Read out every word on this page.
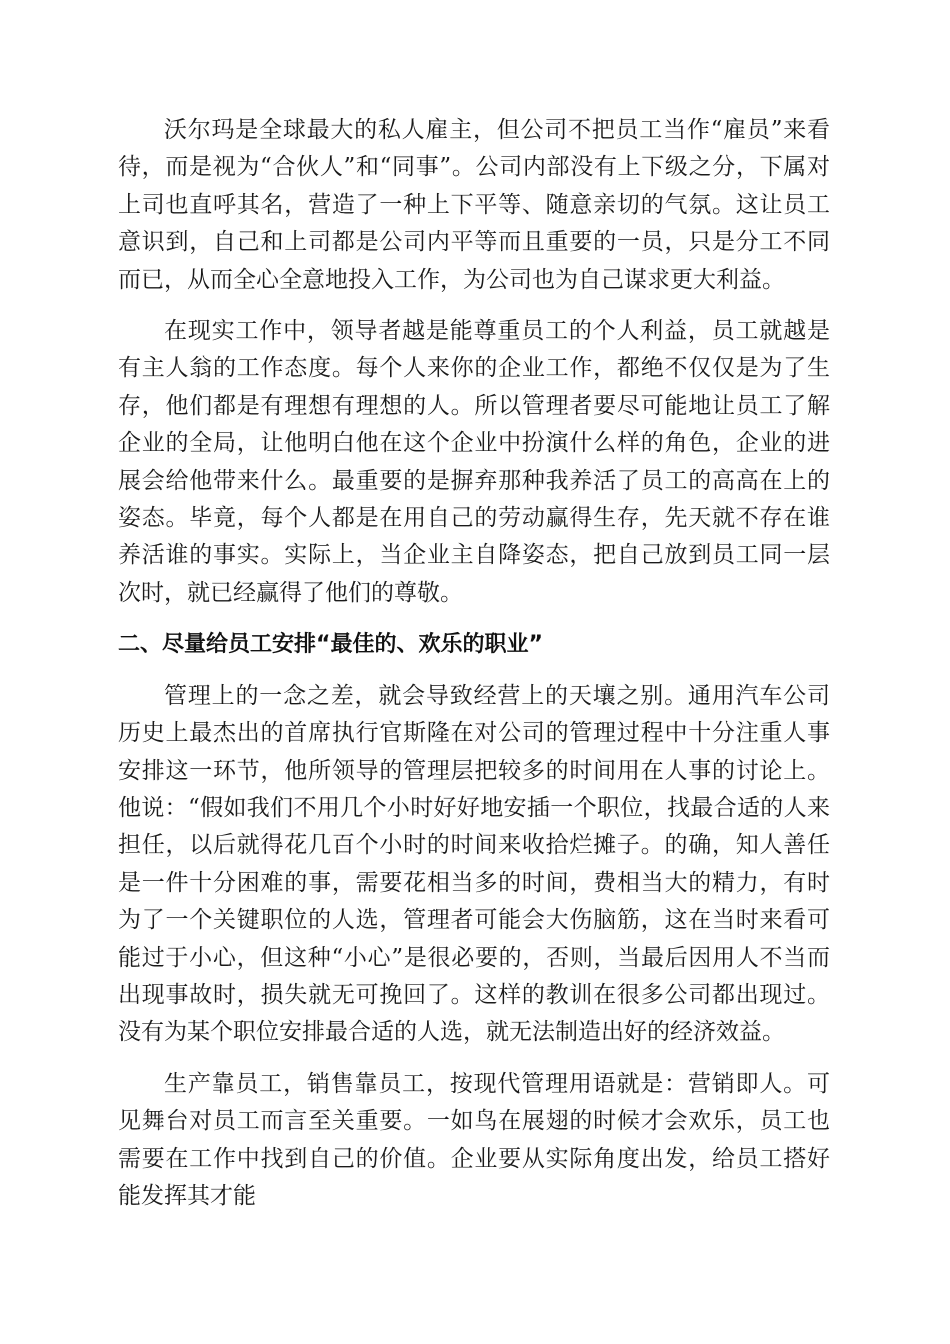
沃尔玛是全球最大的私人雇主，但公司不把员工当作“雇员”来看待，而是视为“合伙人”和“同事”。公司内部没有上下级之分，下属对上司也直呼其名，营造了一种上下平等、随意亲切的气氛。这让员工意识到，自己和上司都是公司内平等而且重要的一员，只是分工不同而已，从而全心全意地投入工作，为公司也为自己谋求更大利益。

在现实工作中，领导者越是能尊重员工的个人利益，员工就越是有主人翁的工作态度。每个人来你的企业工作，都绝不仅仅是为了生存，他们都是有理想有理想的人。所以管理者要尽可能地让员工了解企业的全局，让他明白他在这个企业中扮演什么样的角色，企业的进展会给他带来什么。最重要的是摒弃那种我养活了员工的高高在上的姿态。毕竟，每个人都是在用自己的劳动赢得生存，先天就不存在谁养活谁的事实。实际上，当企业主自降姿态，把自己放到员工同一层次时，就已经赢得了他们的尊敬。

二、尽量给员工安排“最佳的、欢乐的职业”

管理上的一念之差，就会导致经营上的天壤之别。通用汽车公司历史上最杰出的首席执行官斯隆在对公司的管理过程中十分注重人事安排这一环节，他所领导的管理层把较多的时间用在人事的讨论上。他说：“假如我们不用几个小时好好地安插一个职位，找最合适的人来担任，以后就得花几百个小时的时间来收拾烂摊子。的确，知人善任是一件十分困难的事，需要花相当多的时间，费相当大的精力，有时为了一个关键职位的人选，管理者可能会大伤脑筋，这在当时来看可能过于小心，但这种“小心”是很必要的，否则，当最后因用人不当而出现事故时，损失就无可挽回了。这样的教训在很多公司都出现过。没有为某个职位安排最合适的人选，就无法制造出好的经济效益。

生产靠员工，销售靠员工，按现代管理用语就是：营销即人。可见舞台对员工而言至关重要。一如鸟在展翅的时候才会欢乐，员工也需要在工作中找到自己的价值。企业要从实际角度出发，给员工搭好能发挥其才能
